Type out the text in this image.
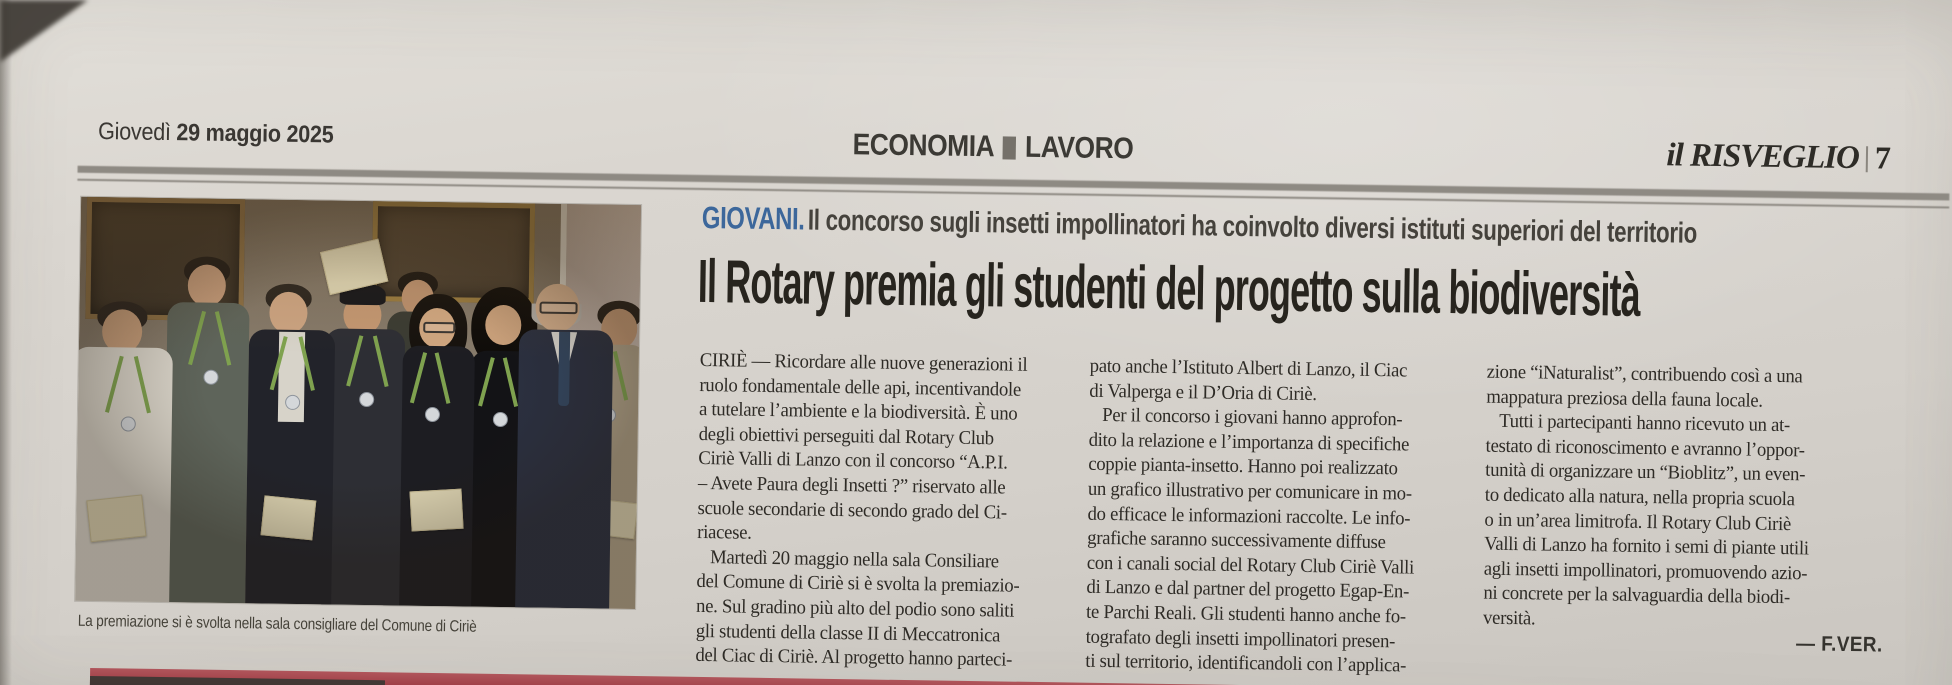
Giovedì 29 maggio 2025	ECONOMIA LAVORO	il RISVEGLIO 7
GIOVANI. Il concorso sugli insetti impollinatori ha coinvolto diversi istituti superiori del territorio
Il Rotary premia gli studenti del progetto sulla biodiversità
La premiazione si è svolta nella sala consigliare del Comune di Ciriè
CIRIÈ — Ricordare alle nuove generazioni il
ruolo fondamentale delle api, incentivandole
a tutelare l’ambiente e la biodiversità. È uno
degli obiettivi perseguiti dal Rotary Club
Ciriè Valli di Lanzo con il concorso “A.P.I.
– Avete Paura degli Insetti ?” riservato alle
scuole secondarie di secondo grado del Ci-
riacese.
Martedì 20 maggio nella sala Consiliare
del Comune di Ciriè si è svolta la premiazio-
ne. Sul gradino più alto del podio sono saliti
gli studenti della classe II di Meccatronica
del Ciac di Ciriè. Al progetto hanno parteci-
pato anche l’Istituto Albert di Lanzo, il Ciac
di Valperga e il D’Oria di Ciriè.
Per il concorso i giovani hanno approfon-
dito la relazione e l’importanza di specifiche
coppie pianta-insetto. Hanno poi realizzato
un grafico illustrativo per comunicare in mo-
do efficace le informazioni raccolte. Le info-
grafiche saranno successivamente diffuse
con i canali social del Rotary Club Ciriè Valli
di Lanzo e dal partner del progetto Egap-En-
te Parchi Reali. Gli studenti hanno anche fo-
tografato degli insetti impollinatori presen-
ti sul territorio, identificandoli con l’applica-
zione “iNaturalist”, contribuendo così a una
mappatura preziosa della fauna locale.
Tutti i partecipanti hanno ricevuto un at-
testato di riconoscimento e avranno l’oppor-
tunità di organizzare un “Bioblitz”, un even-
to dedicato alla natura, nella propria scuola
o in un’area limitrofa. Il Rotary Club Ciriè
Valli di Lanzo ha fornito i semi di piante utili
agli insetti impollinatori, promuovendo azio-
ni concrete per la salvaguardia della biodi-
versità.
— F.VER.
